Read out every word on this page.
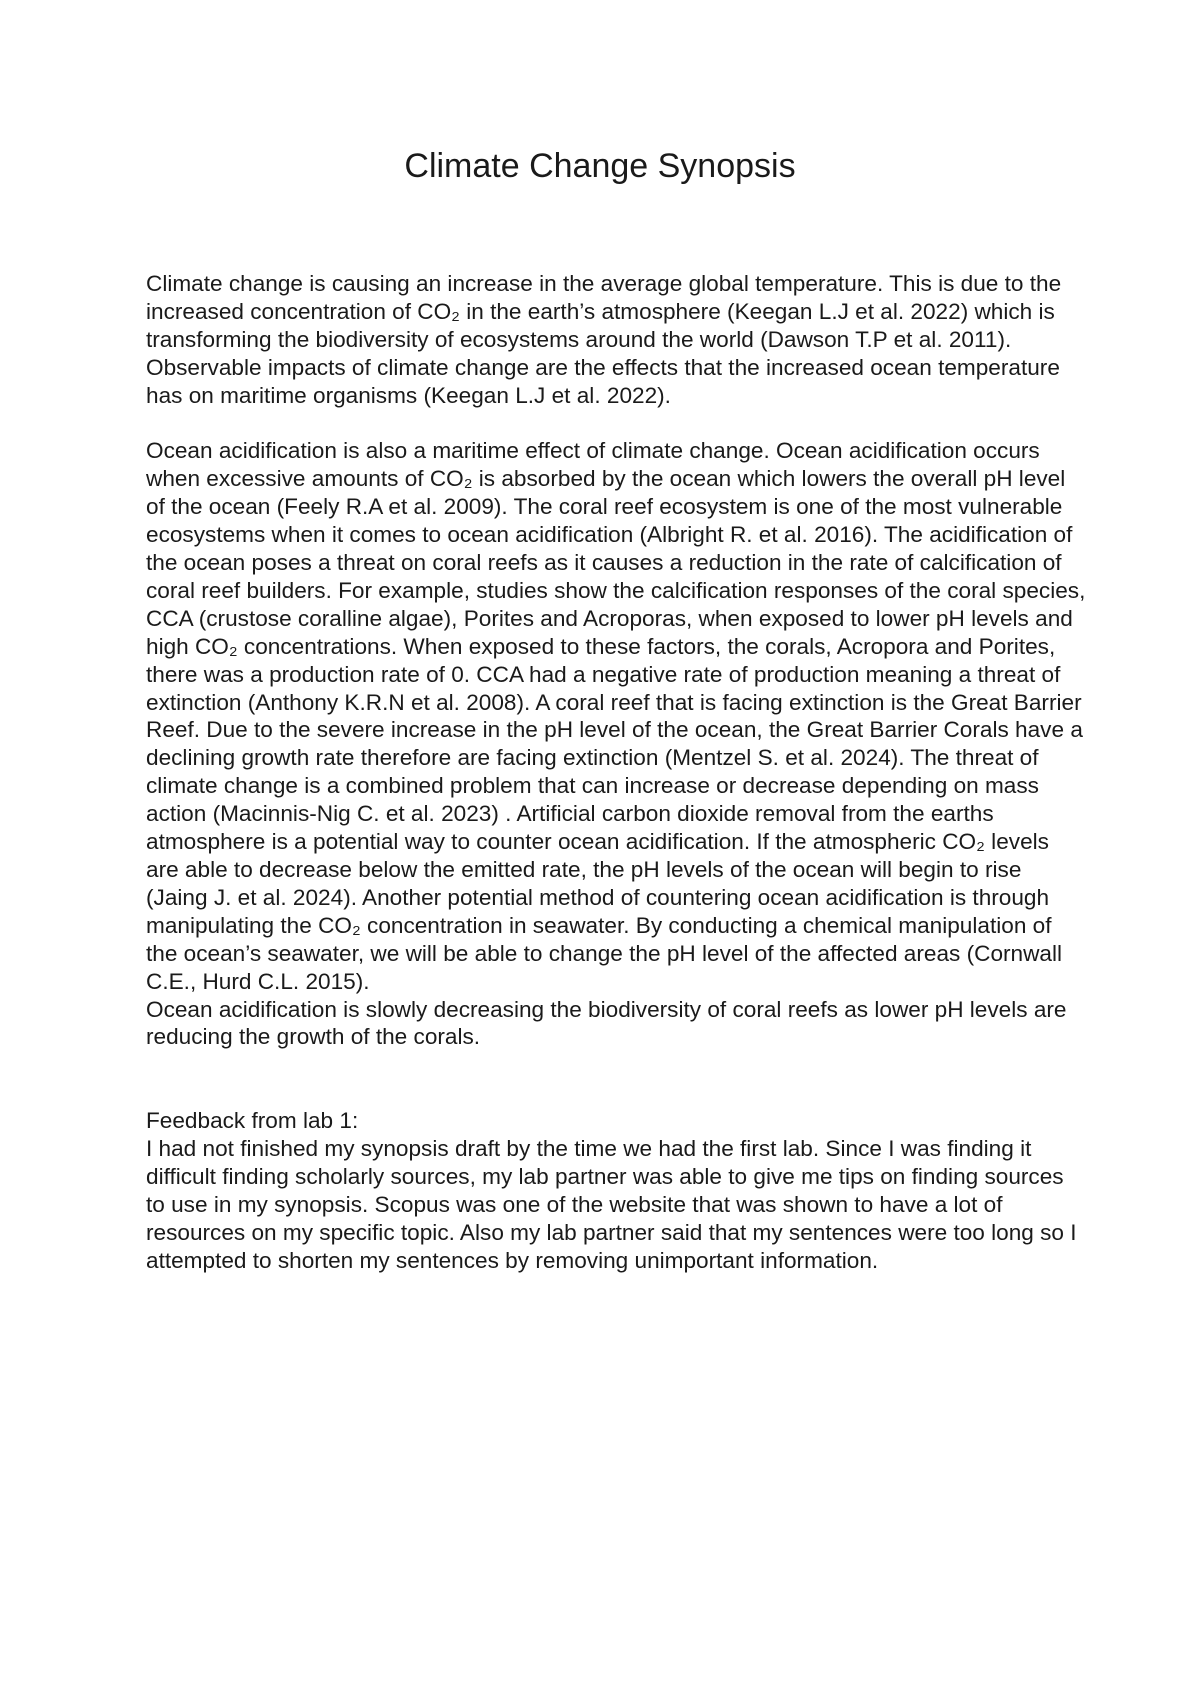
Climate Change Synopsis

Climate change is causing an increase in the average global temperature. This is due to the increased concentration of CO₂ in the earth’s atmosphere (Keegan L.J et al. 2022) which is transforming the biodiversity of ecosystems around the world (Dawson T.P et al. 2011). Observable impacts of climate change are the effects that the increased ocean temperature has on maritime organisms (Keegan L.J et al. 2022).

Ocean acidification is also a maritime effect of climate change. Ocean acidification occurs when excessive amounts of CO₂ is absorbed by the ocean which lowers the overall pH level of the ocean (Feely R.A et al. 2009). The coral reef ecosystem is one of the most vulnerable ecosystems when it comes to ocean acidification (Albright R. et al. 2016). The acidification of the ocean poses a threat on coral reefs as it causes a reduction in the rate of calcification of coral reef builders. For example, studies show the calcification responses of the coral species, CCA (crustose coralline algae), Porites and Acroporas, when exposed to lower pH levels and high CO₂ concentrations. When exposed to these factors, the corals, Acropora and Porites, there was a production rate of 0. CCA had a negative rate of production meaning a threat of extinction (Anthony K.R.N et al. 2008). A coral reef that is facing extinction is the Great Barrier Reef. Due to the severe increase in the pH level of the ocean, the Great Barrier Corals have a declining growth rate therefore are facing extinction (Mentzel S. et al. 2024). The threat of climate change is a combined problem that can increase or decrease depending on mass action (Macinnis-Nig C. et al. 2023) . Artificial carbon dioxide removal from the earths atmosphere is a potential way to counter ocean acidification. If the atmospheric CO₂ levels are able to decrease below the emitted rate, the pH levels of the ocean will begin to rise (Jaing J. et al. 2024). Another potential method of countering ocean acidification is through manipulating the CO₂ concentration in seawater. By conducting a chemical manipulation of the ocean’s seawater, we will be able to change the pH level of the affected areas (Cornwall C.E., Hurd C.L. 2015).

Ocean acidification is slowly decreasing the biodiversity of coral reefs as lower pH levels are reducing the growth of the corals.

Feedback from lab 1:

I had not finished my synopsis draft by the time we had the first lab. Since I was finding it difficult finding scholarly sources, my lab partner was able to give me tips on finding sources to use in my synopsis. Scopus was one of the website that was shown to have a lot of resources on my specific topic. Also my lab partner said that my sentences were too long so I attempted to shorten my sentences by removing unimportant information.
